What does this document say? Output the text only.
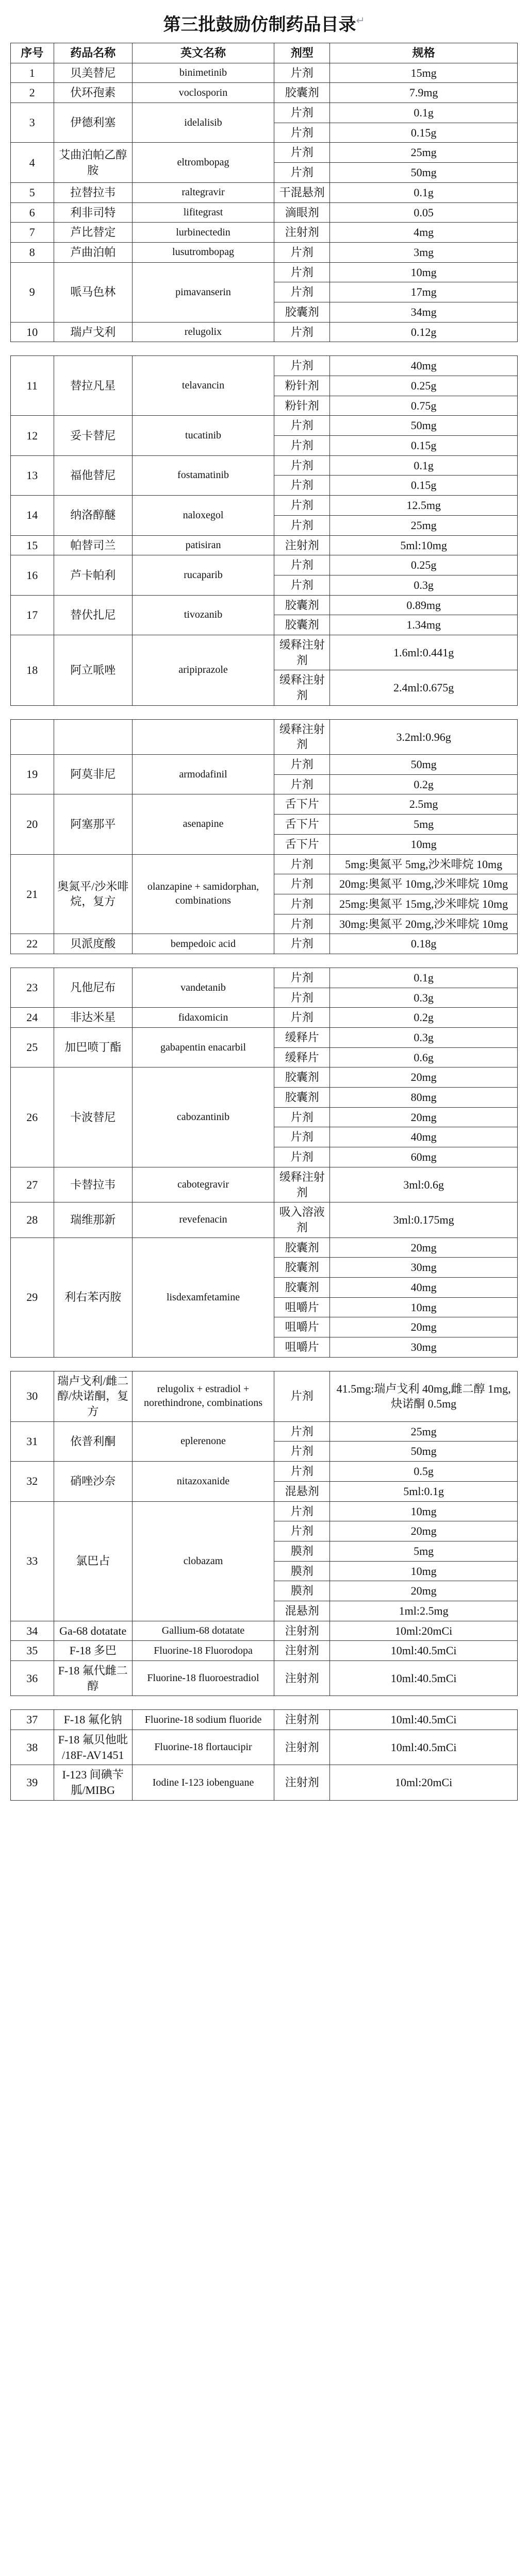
第三批鼓励仿制药品目录↵
序号	药品名称	英文名称	剂型	规格
1	贝美替尼	binimetinib	片剂	15mg
2	伏环孢素	voclosporin	胶囊剂	7.9mg
3	伊德利塞	idelalisib	片剂	0.1g
			片剂	0.15g
4	艾曲泊帕乙醇胺	eltrombopag	片剂	25mg
			片剂	50mg
5	拉替拉韦	raltegravir	干混悬剂	0.1g
6	利非司特	lifitegrast	滴眼剂	0.05
7	芦比替定	lurbinectedin	注射剂	4mg
8	芦曲泊帕	lusutrombopag	片剂	3mg
9	哌马色林	pimavanserin	片剂	10mg
			片剂	17mg
			胶囊剂	34mg
10	瑞卢戈利	relugolix	片剂	0.12g

11	替拉凡星	telavancin	片剂	40mg
			粉针剂	0.25g
			粉针剂	0.75g
12	妥卡替尼	tucatinib	片剂	50mg
			片剂	0.15g
13	福他替尼	fostamatinib	片剂	0.1g
			片剂	0.15g
14	纳洛醇醚	naloxegol	片剂	12.5mg
			片剂	25mg
15	帕替司兰	patisiran	注射剂	5ml:10mg
16	芦卡帕利	rucaparib	片剂	0.25g
			片剂	0.3g
17	替伏扎尼	tivozanib	胶囊剂	0.89mg
			胶囊剂	1.34mg
18	阿立哌唑	aripiprazole	缓释注射剂	1.6ml:0.441g
			缓释注射剂	2.4ml:0.675g

			缓释注射剂	3.2ml:0.96g
19	阿莫非尼	armodafinil	片剂	50mg
			片剂	0.2g
20	阿塞那平	asenapine	舌下片	2.5mg
			舌下片	5mg
			舌下片	10mg
21	奥氮平/沙米啡烷，复方	olanzapine + samidorphan, combinations	片剂	5mg:奥氮平 5mg,沙米啡烷 10mg
			片剂	20mg:奥氮平 10mg,沙米啡烷 10mg
			片剂	25mg:奥氮平 15mg,沙米啡烷 10mg
			片剂	30mg:奥氮平 20mg,沙米啡烷 10mg
22	贝派度酸	bempedoic acid	片剂	0.18g

23	凡他尼布	vandetanib	片剂	0.1g
			片剂	0.3g
24	非达米星	fidaxomicin	片剂	0.2g
25	加巴喷丁酯	gabapentin enacarbil	缓释片	0.3g
			缓释片	0.6g
26	卡波替尼	cabozantinib	胶囊剂	20mg
			胶囊剂	80mg
			片剂	20mg
			片剂	40mg
			片剂	60mg
27	卡替拉韦	cabotegravir	缓释注射剂	3ml:0.6g
28	瑞维那新	revefenacin	吸入溶液剂	3ml:0.175mg
29	利右苯丙胺	lisdexamfetamine	胶囊剂	20mg
			胶囊剂	30mg
			胶囊剂	40mg
			咀嚼片	10mg
			咀嚼片	20mg
			咀嚼片	30mg

30	瑞卢戈利/雌二醇/炔诺酮，复方	relugolix + estradiol + norethindrone, combinations	片剂	41.5mg:瑞卢戈利 40mg,雌二醇 1mg,炔诺酮 0.5mg
31	依普利酮	eplerenone	片剂	25mg
			片剂	50mg
32	硝唑沙奈	nitazoxanide	片剂	0.5g
			混悬剂	5ml:0.1g
33	氯巴占	clobazam	片剂	10mg
			片剂	20mg
			膜剂	5mg
			膜剂	10mg
			膜剂	20mg
			混悬剂	1ml:2.5mg
34	Ga-68 dotatate	Gallium-68 dotatate	注射剂	10ml:20mCi
35	F-18 多巴	Fluorine-18 Fluorodopa	注射剂	10ml:40.5mCi
36	F-18 氟代雌二醇	Fluorine-18 fluoroestradiol	注射剂	10ml:40.5mCi

37	F-18 氟化钠	Fluorine-18 sodium fluoride	注射剂	10ml:40.5mCi
38	F-18 氟贝他吡 /18F-AV1451	Fluorine-18 flortaucipir	注射剂	10ml:40.5mCi
39	I-123 间碘苄胍/MIBG	Iodine I-123 iobenguane	注射剂	10ml:20mCi
